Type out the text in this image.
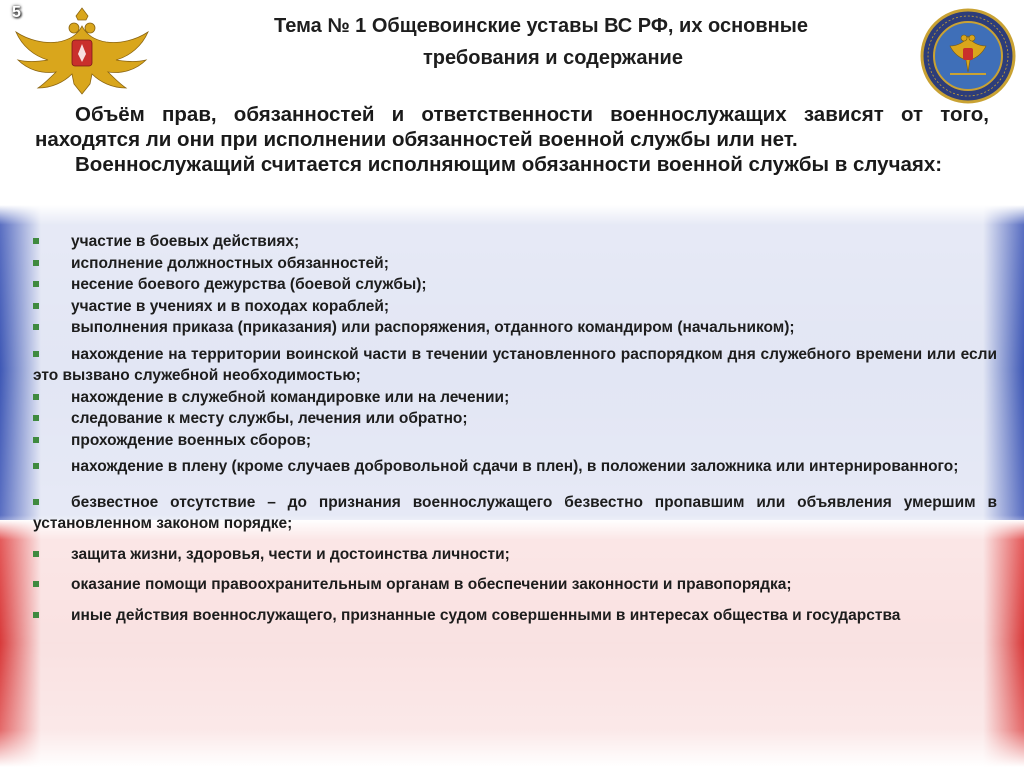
5
Тема № 1 Общевоинские уставы ВС РФ, их основные
требования и содержание

Объём прав, обязанностей и ответственности военнослужащих зависят от того, находятся ли они при исполнении обязанностей военной службы или нет.

Военнослужащий считается исполняющим обязанности военной службы в случаях:

участие в боевых действиях;
исполнение должностных обязанностей;
несение боевого дежурства (боевой службы);
участие в учениях и в походах кораблей;
выполнения приказа (приказания) или распоряжения, отданного командиром (начальником);
нахождение на территории воинской части в течении установленного распорядком дня служебного времени или если это вызвано служебной необходимостью;
нахождение в служебной командировке или на лечении;
следование к месту службы, лечения или обратно;
прохождение военных сборов;
нахождение в плену (кроме случаев добровольной сдачи в плен), в положении заложника или интернированного;
безвестное отсутствие – до признания военнослужащего безвестно пропавшим или объявления умершим в установленном законом порядке;
защита жизни, здоровья, чести и достоинства личности;
оказание помощи правоохранительным органам в обеспечении законности и правопорядка;
иные действия военнослужащего, признанные судом совершенными в интересах общества и государства
